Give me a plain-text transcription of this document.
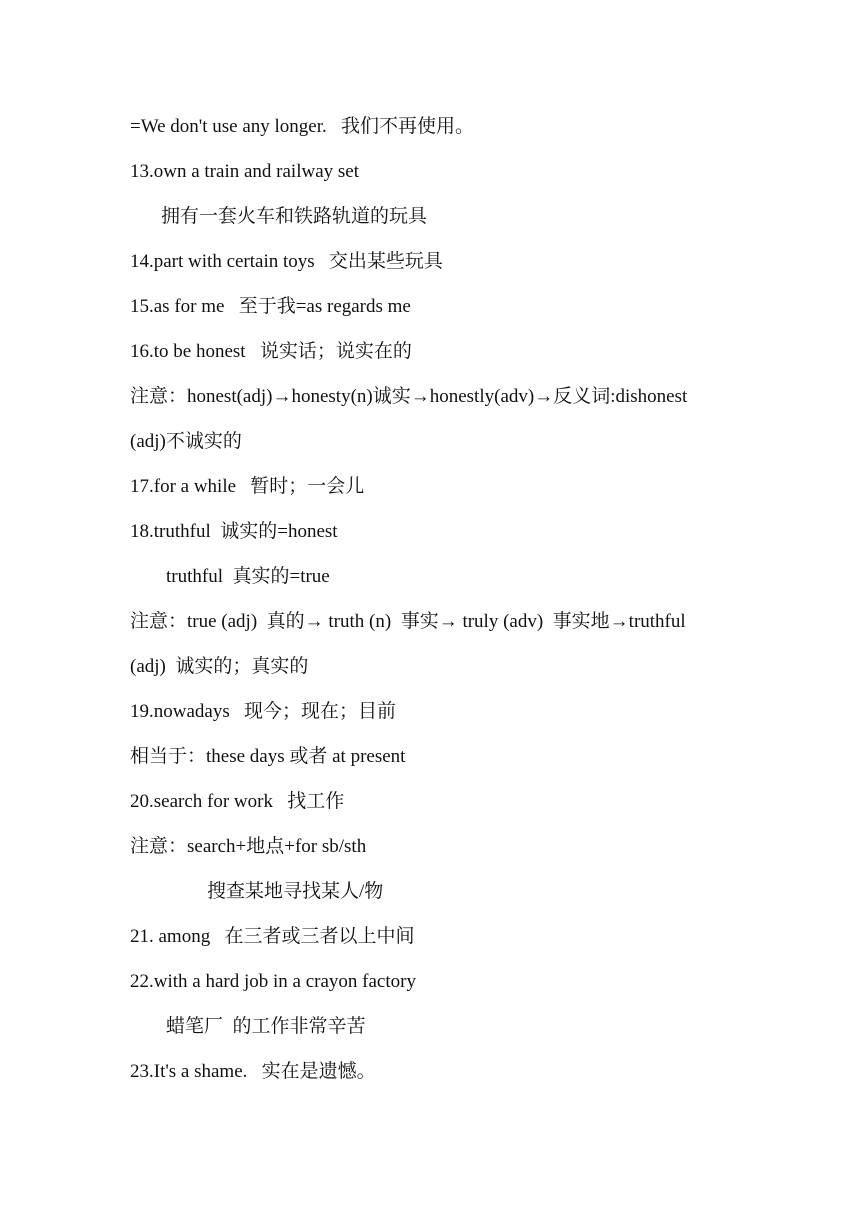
=We don't use any longer.   我们不再使用。
13.own a train and railway set
拥有一套火车和铁路轨道的玩具
14.part with certain toys   交出某些玩具
15.as for me   至于我=as regards me
16.to be honest   说实话；说实在的
注意：honest(adj)→honesty(n)诚实→honestly(adv)→反义词:dishonest
(adj)不诚实的
17.for a while   暂时；一会儿
18.truthful  诚实的=honest
truthful  真实的=true
注意：true (adj)  真的→ truth (n)  事实→ truly (adv)  事实地→truthful
(adj)  诚实的；真实的
19.nowadays   现今；现在；目前
相当于：these days 或者 at present
20.search for work   找工作
注意：search+地点+for sb/sth
搜查某地寻找某人/物
21. among   在三者或三者以上中间
22.with a hard job in a crayon factory
蜡笔厂  的工作非常辛苦
23.It's a shame.   实在是遗憾。
